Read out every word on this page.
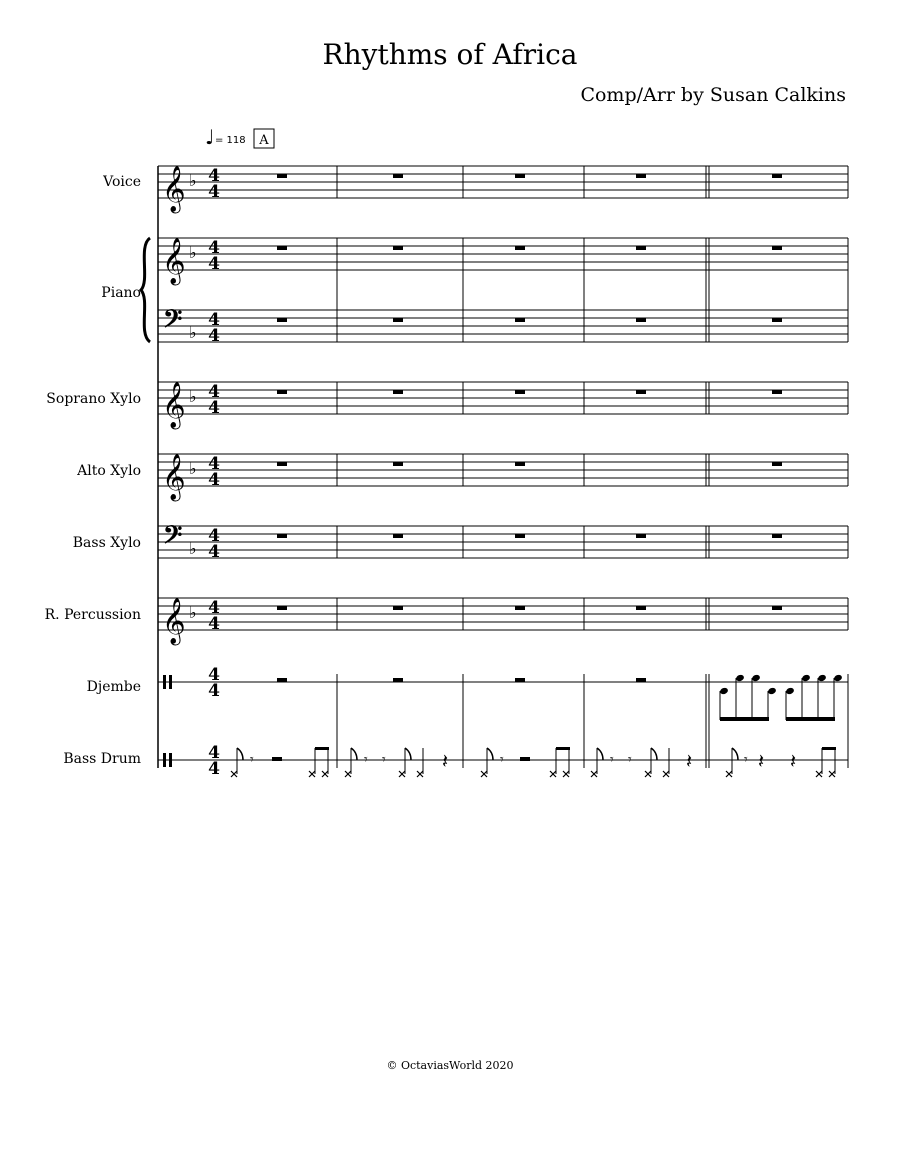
Rhythms of Africa
Comp/Arr by Susan Calkins
Voice
Piano
Soprano Xylo
Alto Xylo
Bass Xylo
R. Percussion
Djembe
Bass Drum
♩ = 118 A
𝄞 ♭ 4
4
𝄞 ♭ 4
4
𝄢 ♭
4
4
𝄞 ♭ 4
4
𝄞 ♭ 4
4
𝄢 ♭
4
4
𝄞 ♭ 4
4
4
4
4
4 𝄾	𝄾 𝄾	𝄽	𝄾	𝄾 𝄾	𝄽	𝄾 𝄽 𝄽
© OctaviasWorld 2020
